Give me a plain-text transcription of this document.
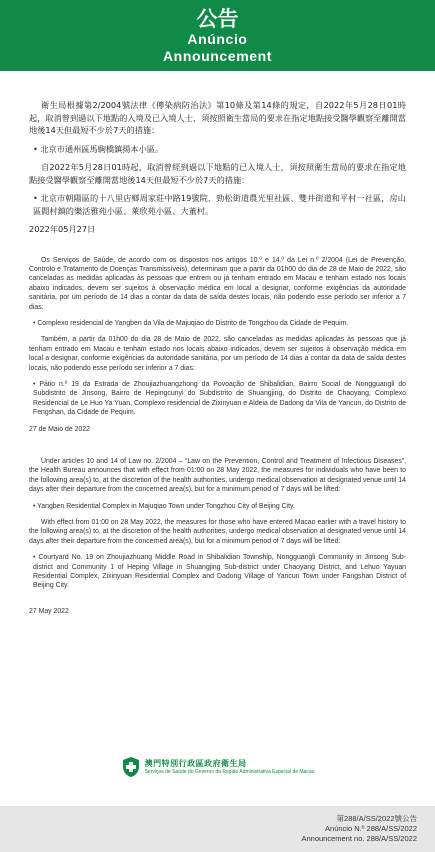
公告
Anúncio
Announcement

衛生局根據第2/2004號法律《傳染病防治法》第10條及第14條的規定，自2022年5月28日01時起，取消曾到過以下地點的入境及已入境人士，須按照衛生當局的要求在指定地點接受醫學觀察至離開當地後14天但最短不少於7天的措施：

• 北京市通州區馬駒橋鎮揚本小區。

自2022年5月28日01時起，取消曾經到過以下地點的已入境人士，須按照衛生當局的要求在指定地點接受醫學觀察至離開當地後14天但最短不少於7天的措施：

• 北京市朝陽區的十八里店鄉周家莊中路19號院、勁松街道農光里社區、雙井街道和平村一社區，房山區閻村鎮的樂活雅苑小區、萊欣苑小區、大董村。

2022年05月27日

Os Serviços de Saúde, de acordo com os dispostos nos artigos 10.º e 14.º da Lei n.º 2/2004 (Lei de Prevenção, Controlo e Tratamento de Doenças Transmissíveis), determinam que a partir da 01h00 do dia de 28 de Maio de 2022, são canceladas as medidas aplicadas às pessoas que entrem ou já tenham entrado em Macau e tenham estado nos locais abaixo indicados, devem ser sujeitos à observação médica em local a designar, conforme exigências da autoridade sanitária, por um período de 14 dias a contar da data de saída destes locais, não podendo esse período ser inferior a 7 dias:

• Complexo residencial de Yangben da Vila de Majuqiao do Distrito de Tongzhou da Cidade de Pequim.

Também, a partir da 01h00 do dia 28 de Maio de 2022, são canceladas as medidas aplicadas às pessoas que já tenham entrado em Macau e tenham estado nos locais abaixo indicados, devem ser sujeitos à observação médica em local a designar, conforme exigências da autoridade sanitária, por um período de 14 dias a contar da data de saída destes locais, não podendo esse período ser inferior a 7 dias:

• Pátio n.º 19 da Estrada de Zhoujiazhuangzhong da Povoação de Shibalidian, Bairro Social de Nongguangli do Subdistrito de Jinsong, Bairro de Hepingcunyi do Subdistrito de Shuangjing, do Distrito de Chaoyang, Complexo Residencial de Le Huo Ya Yuan, Complexo residencial de Zixinyuan e Aldeia de Dadong da Vila de Yancun, do Distrito de Fengshan, da Cidade de Pequim.

27 de Maio de 2022

Under articles 10 and 14 of Law no. 2/2004 – “Law on the Prevention, Control and Treatment of Infectious Diseases”, the Health Bureau announces that with effect from 01:00 on 28 May 2022, the measures for individuals who have been to the following area(s) to, at the discretion of the health authorities, undergo medical observation at designated venue until 14 days after their departure from the concerned area(s), but for a minimum period of 7 days will be lifted:

• Yangben Residential Complex in Majuqiao Town under Tongzhou City of Beijing City.

With effect from 01:00 on 28 May 2022, the measures for those who have entered Macao earlier with a travel history to the following area(s) to, at the discretion of the health authorities, undergo medical observation at designated venue until 14 days after their departure from the concerned area(s), but for a minimum period of 7 days will be lifted:

• Courtyard No. 19 on Zhoujiazhuang Middle Road in Shibalidian Township, Nongguangli Community in Jinsong Sub-district and Community 1 of Heping Village in Shuangjing Sub-district under Chaoyang District, and Lehuo Yayuan Residential Complex, Zixinyuan Residential Complex and Dadong Village of Yancun Town under Fangshan District of Beijing City.

27 May 2022

澳門特別行政區政府衛生局
Serviços de Saúde do Governo da Região Administrativa Especial de Macau
第288/A/SS/2022號公告
Anúncio N.º 288/A/SS/2022
Announcement no. 288/A/SS/2022
